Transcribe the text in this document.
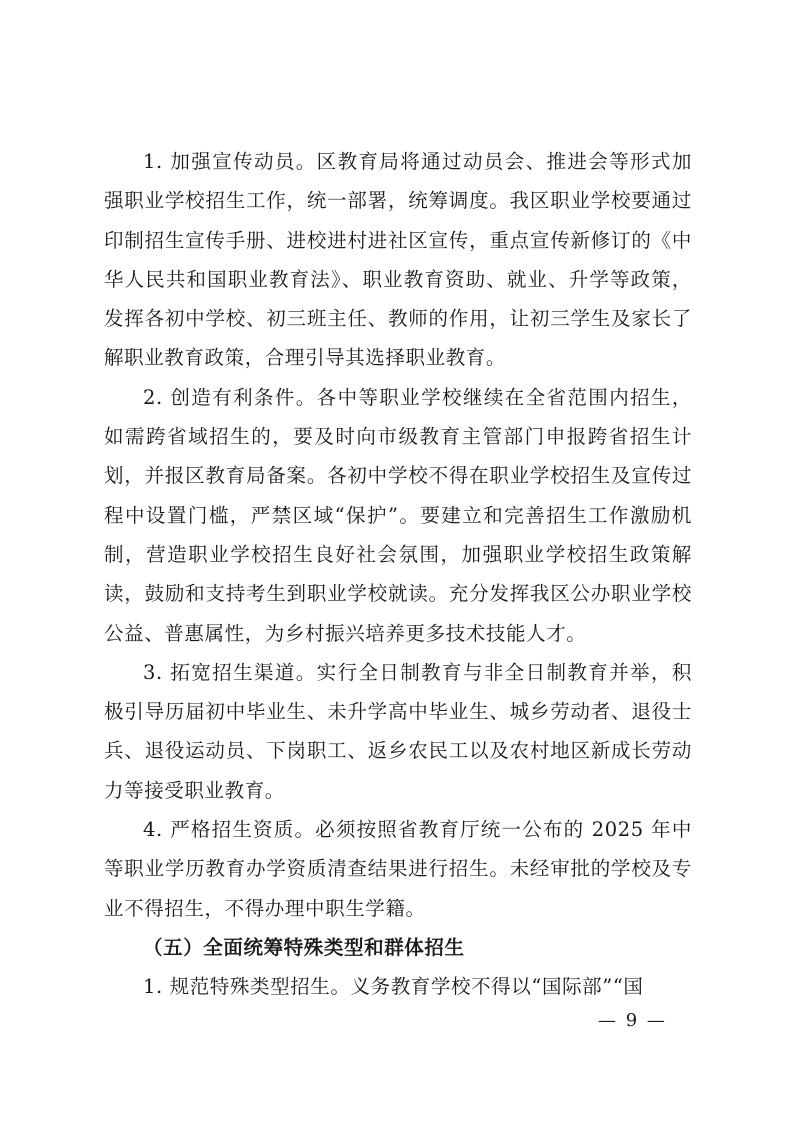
1. 加强宣传动员。区教育局将通过动员会、推进会等形式加强职业学校招生工作，统一部署，统筹调度。我区职业学校要通过印制招生宣传手册、进校进村进社区宣传，重点宣传新修订的《中华人民共和国职业教育法》、职业教育资助、就业、升学等政策，发挥各初中学校、初三班主任、教师的作用，让初三学生及家长了解职业教育政策，合理引导其选择职业教育。

2. 创造有利条件。各中等职业学校继续在全省范围内招生，如需跨省域招生的，要及时向市级教育主管部门申报跨省招生计划，并报区教育局备案。各初中学校不得在职业学校招生及宣传过程中设置门槛，严禁区域“保护”。要建立和完善招生工作激励机制，营造职业学校招生良好社会氛围，加强职业学校招生政策解读，鼓励和支持考生到职业学校就读。充分发挥我区公办职业学校公益、普惠属性，为乡村振兴培养更多技术技能人才。

3. 拓宽招生渠道。实行全日制教育与非全日制教育并举，积极引导历届初中毕业生、未升学高中毕业生、城乡劳动者、退役士兵、退役运动员、下岗职工、返乡农民工以及农村地区新成长劳动力等接受职业教育。

4. 严格招生资质。必须按照省教育厅统一公布的 2025 年中等职业学历教育办学资质清查结果进行招生。未经审批的学校及专业不得招生，不得办理中职生学籍。

（五）全面统筹特殊类型和群体招生

1. 规范特殊类型招生。义务教育学校不得以“国际部”“国

— 9 —
